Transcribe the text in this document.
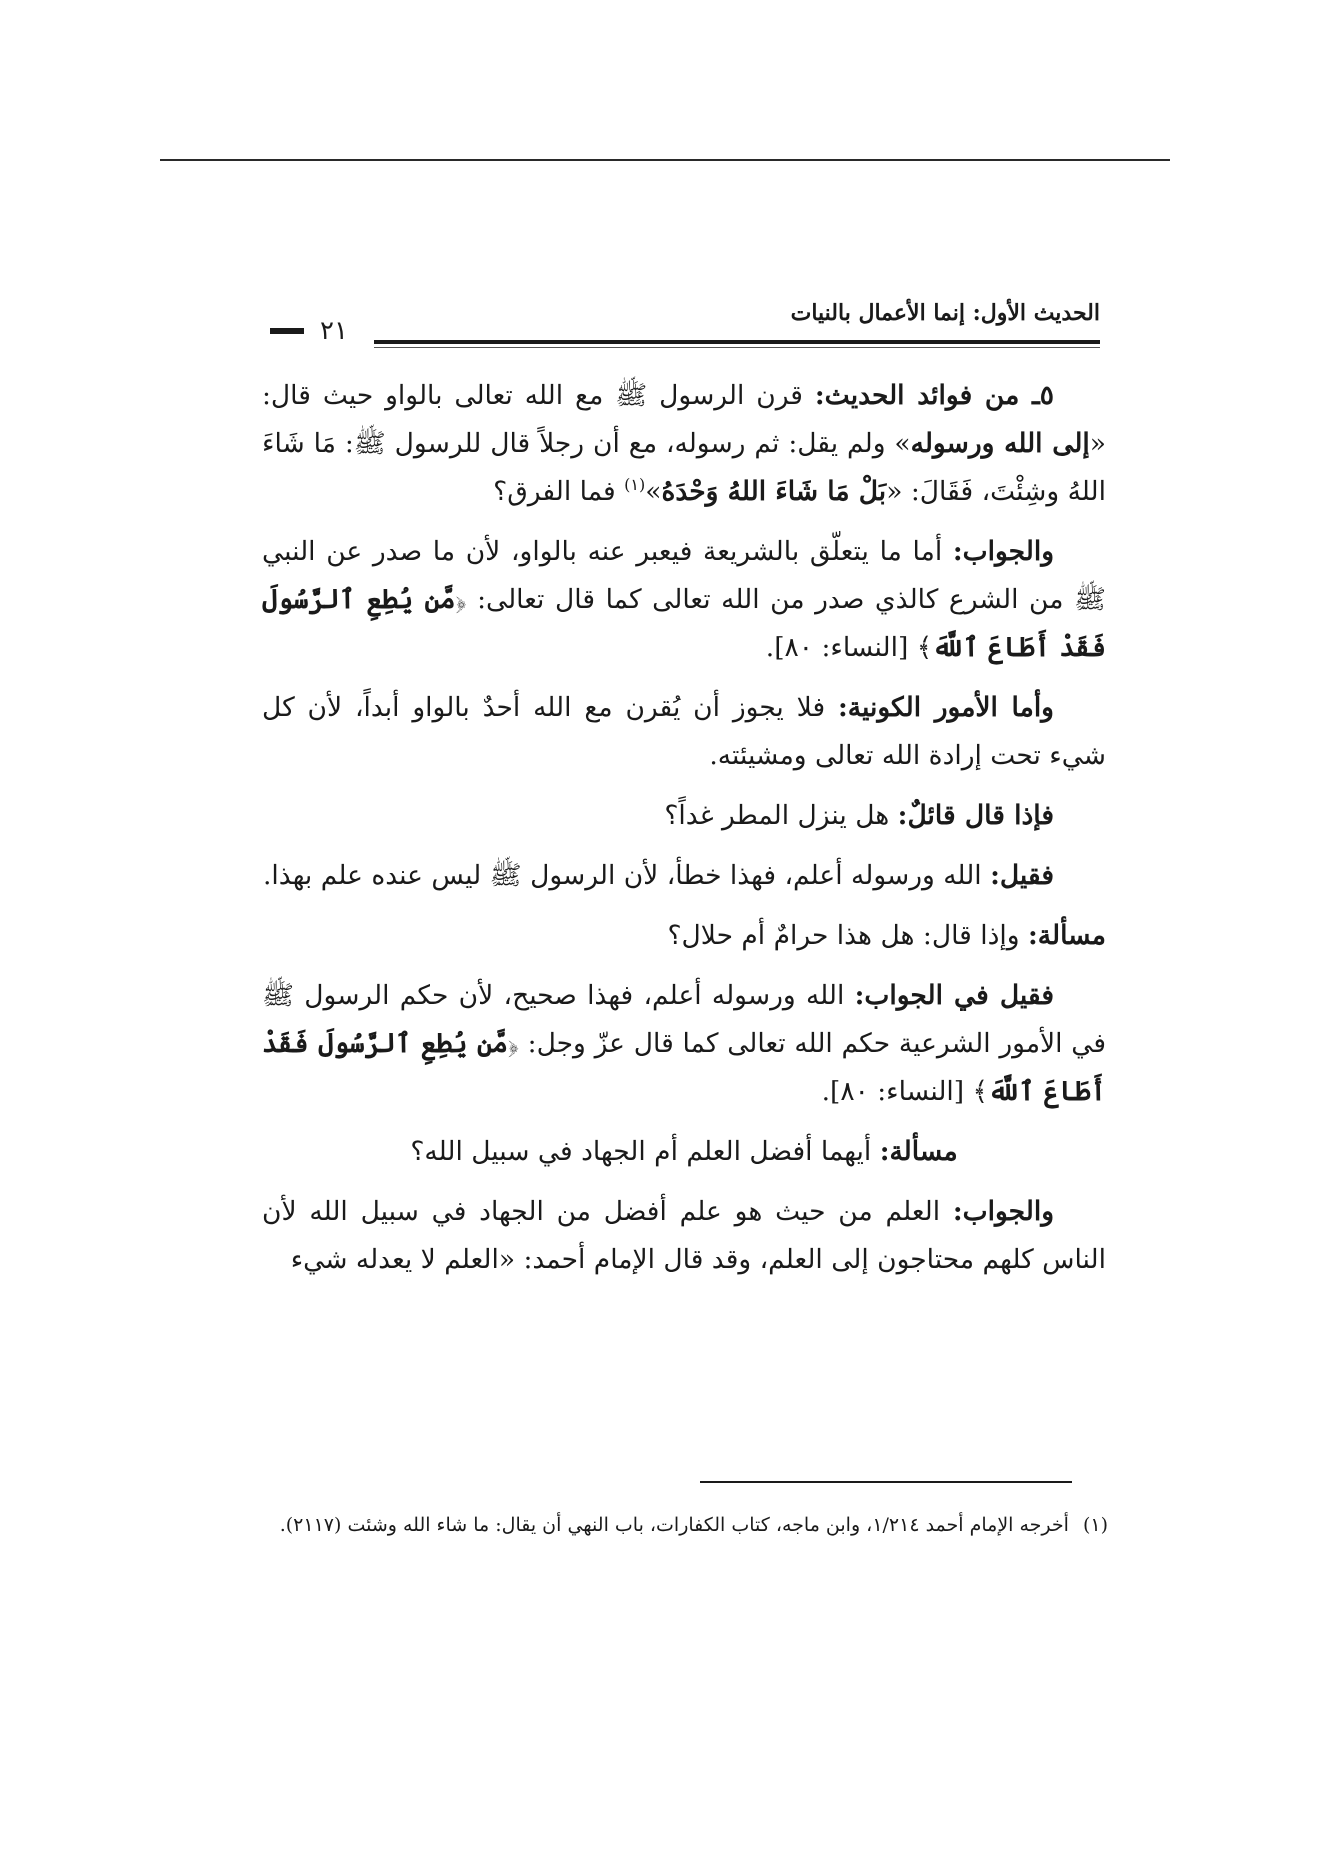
الحديث الأول: إنما الأعمال بالنيات
٢١

٥ـ من فوائد الحديث: قرن الرسول ﷺ مع الله تعالى بالواو حيث قال: «إلى الله ورسوله» ولم يقل: ثم رسوله، مع أن رجلاً قال للرسول ﷺ: مَا شَاءَ اللهُ وشِئْتَ، فَقَالَ: «بَلْ مَا شَاءَ اللهُ وَحْدَهُ»$^{(١)}$ فما الفرق؟

والجواب: أما ما يتعلّق بالشريعة فيعبر عنه بالواو، لأن ما صدر عن النبي ﷺ من الشرع كالذي صدر من الله تعالى كما قال تعالى: ﴿مَّن يُطِعِ ٱلرَّسُولَ فَقَدْ أَطَاعَ ٱللَّهَ﴾ [النساء: ٨٠].

وأما الأمور الكونية: فلا يجوز أن يُقرن مع الله أحدٌ بالواو أبداً، لأن كل شيء تحت إرادة الله تعالى ومشيئته.

فإذا قال قائلٌ: هل ينزل المطر غداً؟

فقيل: الله ورسوله أعلم، فهذا خطأ، لأن الرسول ﷺ ليس عنده علم بهذا.

مسألة: وإذا قال: هل هذا حرامٌ أم حلال؟

فقيل في الجواب: الله ورسوله أعلم، فهذا صحيح، لأن حكم الرسول ﷺ في الأمور الشرعية حكم الله تعالى كما قال عزّ وجل: ﴿مَّن يُطِعِ ٱلرَّسُولَ فَقَدْ أَطَاعَ ٱللَّهَ﴾ [النساء: ٨٠].

مسألة: أيهما أفضل العلم أم الجهاد في سبيل الله؟

والجواب: العلم من حيث هو علم أفضل من الجهاد في سبيل الله لأن الناس كلهم محتاجون إلى العلم، وقد قال الإمام أحمد: «العلم لا يعدله شيء

(١)أخرجه الإمام أحمد ١/٢١٤، وابن ماجه، كتاب الكفارات، باب النهي أن يقال: ما شاء الله وشئت (٢١١٧).
